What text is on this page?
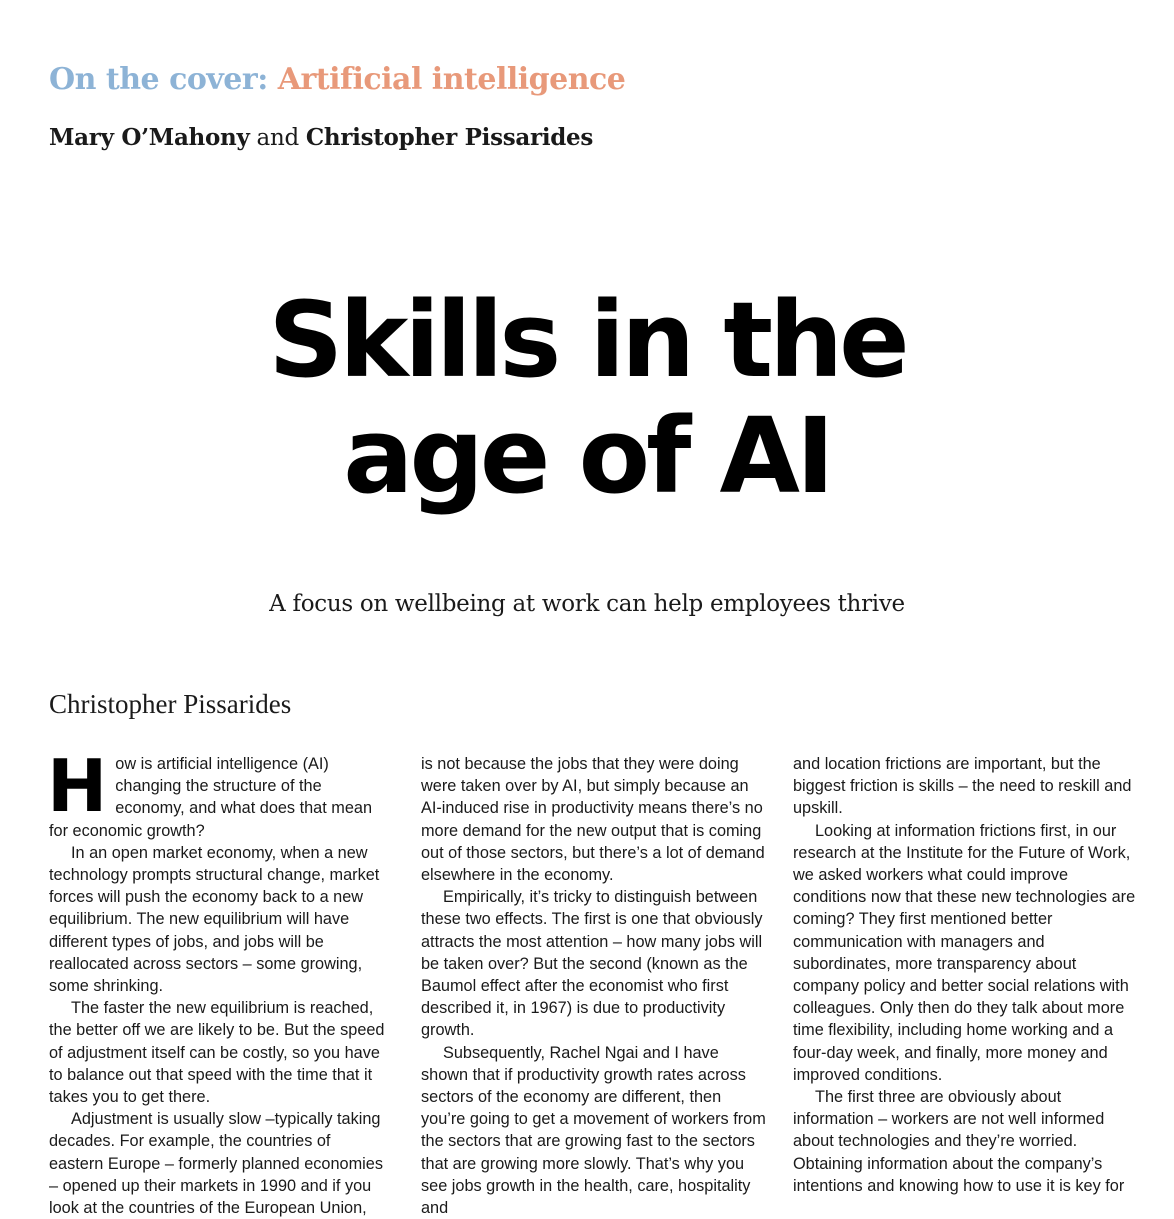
On the cover: Artificial intelligence
Mary O’Mahony and Christopher Pissarides
Skills in the
age of AI
A focus on wellbeing at work can help employees thrive
Christopher Pissarides

How is artificial intelligence (AI) changing the structure of the economy, and what does that mean for economic growth?

In an open market economy, when a new technology prompts structural change, market forces will push the economy back to a new equilibrium. The new equilibrium will have different types of jobs, and jobs will be reallocated across sectors – some growing, some shrinking.

The faster the new equilibrium is reached, the better off we are likely to be. But the speed of adjustment itself can be costly, so you have to balance out that speed with the time that it takes you to get there.

Adjustment is usually slow –typically taking decades. For example, the countries of eastern Europe – formerly planned economies – opened up their markets in 1990 and if you look at the countries of the European Union,

is not because the jobs that they were doing were taken over by AI, but simply because an AI-induced rise in productivity means there’s no more demand for the new output that is coming out of those sectors, but there’s a lot of demand elsewhere in the economy.

Empirically, it’s tricky to distinguish between these two effects. The first is one that obviously attracts the most attention – how many jobs will be taken over? But the second (known as the Baumol effect after the economist who first described it, in 1967) is due to productivity growth.

Subsequently, Rachel Ngai and I have shown that if productivity growth rates across sectors of the economy are different, then you’re going to get a movement of workers from the sectors that are growing fast to the sectors that are growing more slowly. That’s why you see jobs growth in the health, care, hospitality and

and location frictions are important, but the biggest friction is skills – the need to reskill and upskill.

Looking at information frictions first, in our research at the Institute for the Future of Work, we asked workers what could improve conditions now that these new technologies are coming? They first mentioned better communication with managers and subordinates, more transparency about company policy and better social relations with colleagues. Only then do they talk about more time flexibility, including home working and a four-day week, and finally, more money and improved conditions.

The first three are obviously about information – workers are not well informed about technologies and they’re worried. Obtaining information about the company’s intentions and knowing how to use it is key for
